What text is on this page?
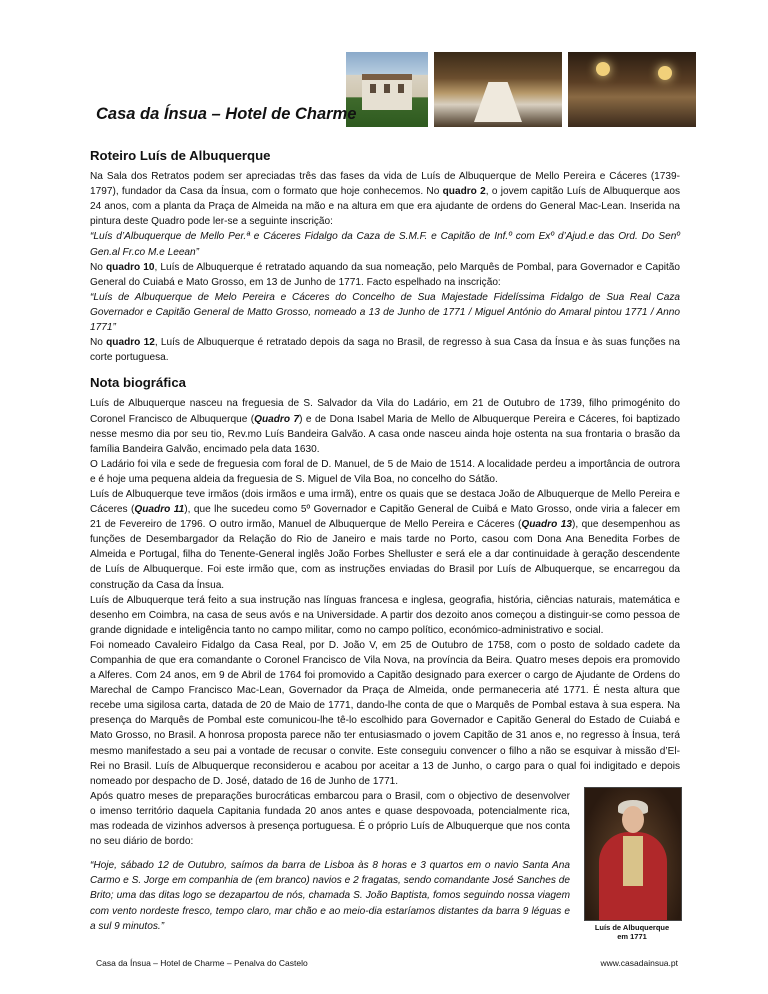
Casa da Ínsua – Hotel de Charme
Roteiro Luís de Albuquerque

Na Sala dos Retratos podem ser apreciadas três das fases da vida de Luís de Albuquerque de Mello Pereira e Cáceres (1739-1797), fundador da Casa da Ínsua, com o formato que hoje conhecemos. No quadro 2, o jovem capitão Luís de Albuquerque aos 24 anos, com a planta da Praça de Almeida na mão e na altura em que era ajudante de ordens do General Mac-Lean. Inserida na pintura deste Quadro pode ler-se a seguinte inscrição:

“Luís d’Albuquerque de Mello Per.ª e Cáceres Fidalgo da Caza de S.M.F. e Capitão de Inf.º com Exº d’Ajud.e das Ord. Do Senº Gen.al Fr.co M.e Leean”

No quadro 10, Luís de Albuquerque é retratado aquando da sua nomeação, pelo Marquês de Pombal, para Governador e Capitão General do Cuiabá e Mato Grosso, em 13 de Junho de 1771. Facto espelhado na inscrição:

“Luís de Albuquerque de Melo Pereira e Cáceres do Concelho de Sua Majestade Fidelíssima Fidalgo de Sua Real Caza Governador e Capitão General de Matto Grosso, nomeado a 13 de Junho de 1771 / Miguel António do Amaral pintou 1771 / Anno 1771”

No quadro 12, Luís de Albuquerque é retratado depois da saga no Brasil, de regresso à sua Casa da Ínsua e às suas funções na corte portuguesa.

Nota biográfica

Luís de Albuquerque nasceu na freguesia de S. Salvador da Vila do Ladário, em 21 de Outubro de 1739, filho primogénito do Coronel Francisco de Albuquerque (Quadro 7) e de Dona Isabel Maria de Mello de Albuquerque Pereira e Cáceres, foi baptizado nesse mesmo dia por seu tio, Rev.mo Luís Bandeira Galvão. A casa onde nasceu ainda hoje ostenta na sua frontaria o brasão da família Bandeira Galvão, encimado pela data 1630.

O Ladário foi vila e sede de freguesia com foral de D. Manuel, de 5 de Maio de 1514. A localidade perdeu a importância de outrora e é hoje uma pequena aldeia da freguesia de S. Miguel de Vila Boa, no concelho do Sátão.

Luís de Albuquerque teve irmãos (dois irmãos e uma irmã), entre os quais que se destaca João de Albuquerque de Mello Pereira e Cáceres (Quadro 11), que lhe sucedeu como 5º Governador e Capitão General de Cuibá e Mato Grosso, onde viria a falecer em 21 de Fevereiro de 1796. O outro irmão, Manuel de Albuquerque de Mello Pereira e Cáceres (Quadro 13), que desempenhou as funções de Desembargador da Relação do Rio de Janeiro e mais tarde no Porto, casou com Dona Ana Benedita Forbes de Almeida e Portugal, filha do Tenente-General inglês João Forbes Shelluster e será ele a dar continuidade à geração descendente de Luís de Albuquerque. Foi este irmão que, com as instruções enviadas do Brasil por Luís de Albuquerque, se encarregou da construção da Casa da Ínsua.

Luís de Albuquerque terá feito a sua instrução nas línguas francesa e inglesa, geografia, história, ciências naturais, matemática e desenho em Coimbra, na casa de seus avós e na Universidade. A partir dos dezoito anos começou a distinguir-se como pessoa de grande dignidade e inteligência tanto no campo militar, como no campo político, económico-administrativo e social.

Foi nomeado Cavaleiro Fidalgo da Casa Real, por D. João V, em 25 de Outubro de 1758, com o posto de soldado cadete da Companhia de que era comandante o Coronel Francisco de Vila Nova, na província da Beira. Quatro meses depois era promovido a Alferes. Com 24 anos, em 9 de Abril de 1764 foi promovido a Capitão designado para exercer o cargo de Ajudante de Ordens do Marechal de Campo Francisco Mac-Lean, Governador da Praça de Almeida, onde permaneceria até 1771. É nesta altura que recebe uma sigilosa carta, datada de 20 de Maio de 1771, dando-lhe conta de que o Marquês de Pombal estava à sua espera. Na presença do Marquês de Pombal este comunicou-lhe tê-lo escolhido para Governador e Capitão General do Estado de Cuiabá e Mato Grosso, no Brasil. A honrosa proposta parece não ter entusiasmado o jovem Capitão de 31 anos e, no regresso à Ínsua, terá mesmo manifestado a seu pai a vontade de recusar o convite. Este conseguiu convencer o filho a não se esquivar à missão d’El-Rei no Brasil. Luís de Albuquerque reconsiderou e acabou por aceitar a 13 de Junho, o cargo para o qual foi indigitado e depois nomeado por despacho de D. José, datado de 16 de Junho de 1771.

Após quatro meses de preparações burocráticas embarcou para o Brasil, com o objectivo de desenvolver o imenso território daquela Capitania fundada 20 anos antes e quase despovoada, potencialmente rica, mas rodeada de vizinhos adversos à presença portuguesa. É o próprio Luís de Albuquerque que nos conta no seu diário de bordo:

“Hoje, sábado 12 de Outubro, saímos da barra de Lisboa às 8 horas e 3 quartos em o navio Santa Ana Carmo e S. Jorge em companhia de (em branco) navios e 2 fragatas, sendo comandante José Sanches de Brito; uma das ditas logo se dezapartou de nós, chamada S. João Baptista, fomos seguindo nossa viagem com vento nordeste fresco, tempo claro, mar chão e ao meio-dia estaríamos distantes da barra 9 léguas e a sul 9 minutos.”	Luís de Albuquerque
em 1771
Casa da Ínsua – Hotel de Charme – Penalva do Castelo	www.casadainsua.pt
